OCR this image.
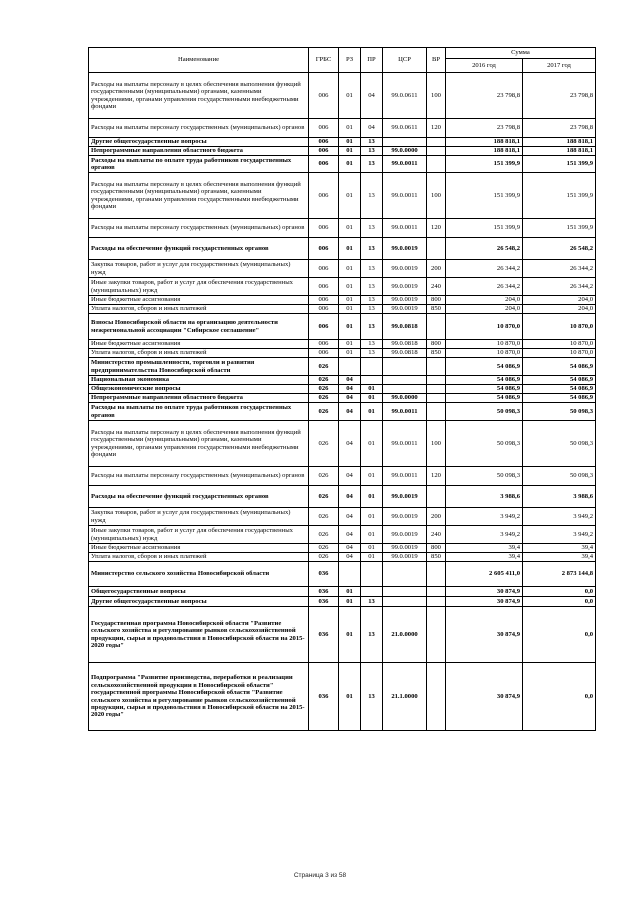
Наименование	ГРБС	РЗ	ПР	ЦСР	ВР	Сумма	
						2016 год	2017 год
Расходы на выплаты персоналу в целях обеспечения выполнения функций государственными (муниципальными) органами, казенными учреждениями, органами управления государственными внебюджетными фондами	006	01	04	99.0.0611	100	23 798,8	23 798,8
Расходы на выплаты персоналу государственных (муниципальных) органов	006	01	04	99.0.0611	120	23 798,8	23 798,8
Другие общегосударственные вопросы	006	01	13			188 818,1	188 818,1
Непрограммные направления областного бюджета	006	01	13	99.0.0000		188 818,1	188 818,1
Расходы на выплаты по оплате труда работников государственных органов	006	01	13	99.0.0011		151 399,9	151 399,9
Расходы на выплаты персоналу в целях обеспечения выполнения функций государственными (муниципальными) органами, казенными учреждениями, органами управления государственными внебюджетными фондами	006	01	13	99.0.0011	100	151 399,9	151 399,9
Расходы на выплаты персоналу государственных (муниципальных) органов	006	01	13	99.0.0011	120	151 399,9	151 399,9
Расходы на обеспечение функций государственных органов	006	01	13	99.0.0019		26 548,2	26 548,2
Закупка товаров, работ и услуг для государственных (муниципальных) нужд	006	01	13	99.0.0019	200	26 344,2	26 344,2
Иные закупки товаров, работ и услуг для обеспечения государственных (муниципальных) нужд	006	01	13	99.0.0019	240	26 344,2	26 344,2
Иные бюджетные ассигнования	006	01	13	99.0.0019	800	204,0	204,0
Уплата налогов, сборов и иных платежей	006	01	13	99.0.0019	850	204,0	204,0
Взносы Новосибирской области на организацию деятельности межрегиональной ассоциации "Сибирское соглашение"	006	01	13	99.0.0818		10 870,0	10 870,0
Иные бюджетные ассигнования	006	01	13	99.0.0818	800	10 870,0	10 870,0
Уплата налогов, сборов и иных платежей	006	01	13	99.0.0818	850	10 870,0	10 870,0
Министерство промышленности, торговли и развития предпринимательства Новосибирской области	026					54 086,9	54 086,9
Национальная экономика	026	04				54 086,9	54 086,9
Общеэкономические вопросы	026	04	01			54 086,9	54 086,9
Непрограммные направления областного бюджета	026	04	01	99.0.0000		54 086,9	54 086,9
Расходы на выплаты по оплате труда работников государственных органов	026	04	01	99.0.0011		50 098,3	50 098,3
Расходы на выплаты персоналу в целях обеспечения выполнения функций государственными (муниципальными) органами, казенными учреждениями, органами управления государственными внебюджетными фондами	026	04	01	99.0.0011	100	50 098,3	50 098,3
Расходы на выплаты персоналу государственных (муниципальных) органов	026	04	01	99.0.0011	120	50 098,3	50 098,3
Расходы на обеспечение функций государственных органов	026	04	01	99.0.0019		3 988,6	3 988,6
Закупка товаров, работ и услуг для государственных (муниципальных) нужд	026	04	01	99.0.0019	200	3 949,2	3 949,2
Иные закупки товаров, работ и услуг для обеспечения государственных (муниципальных) нужд	026	04	01	99.0.0019	240	3 949,2	3 949,2
Иные бюджетные ассигнования	026	04	01	99.0.0019	800	39,4	39,4
Уплата налогов, сборов и иных платежей	026	04	01	99.0.0019	850	39,4	39,4
Министерство сельского хозяйства Новосибирской области	036					2 605 411,0	2 873 144,8
Общегосударственные вопросы	036	01				30 874,9	0,0
Другие общегосударственные вопросы	036	01	13			30 874,9	0,0
Государственная программа Новосибирской области "Развитие сельского хозяйства и регулирование рынков сельскохозяйственной продукции, сырья и продовольствия в Новосибирской области на 2015-2020 годы"	036	01	13	21.0.0000		30 874,9	0,0
Подпрограмма "Развитие производства, переработки и реализации сельскохозяйственной продукции в Новосибирской области" государственной программы Новосибирской области "Развитие сельского хозяйства и регулирование рынков сельскохозяйственной продукции, сырья и продовольствия в Новосибирской области на 2015-2020 годы"	036	01	13	21.1.0000		30 874,9	0,0
Страница 3 из 58
